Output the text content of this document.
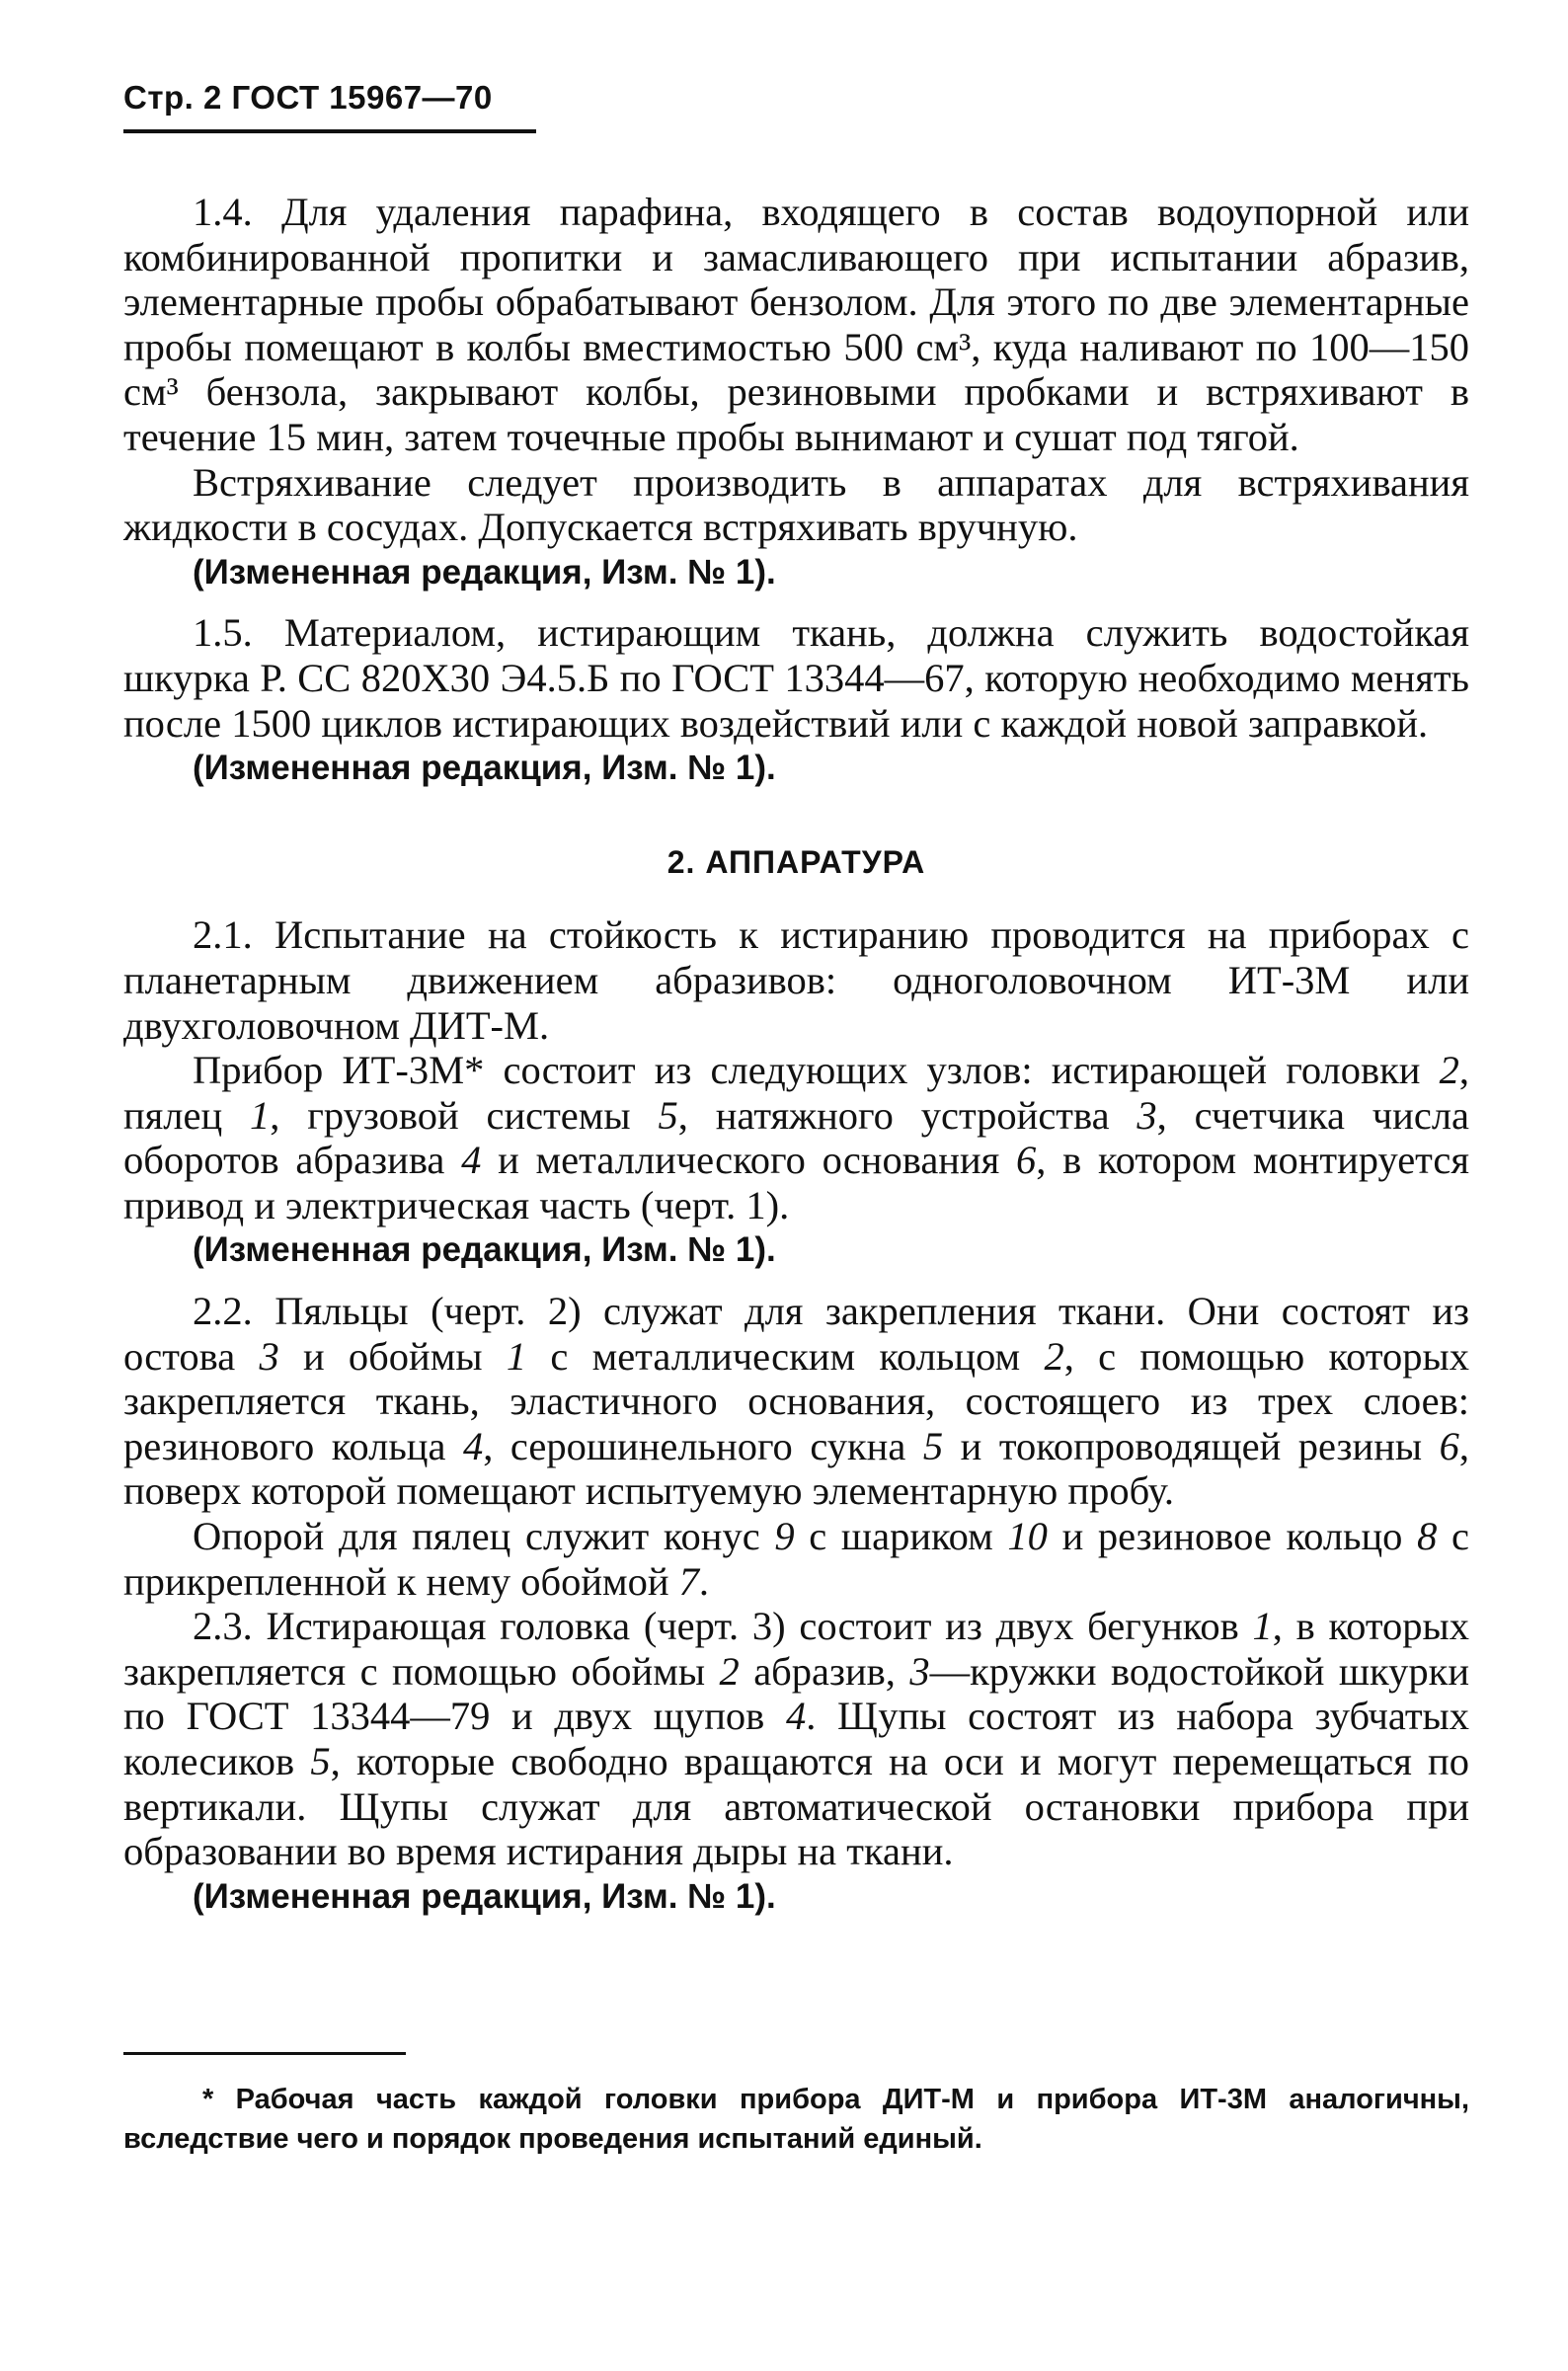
Стр. 2 ГОСТ 15967—70

1.4. Для удаления парафина, входящего в состав водоупорной или комбинированной пропитки и замасливающего при испытании абразив, элементарные пробы обрабатывают бензолом. Для этого по две элементарные пробы помещают в колбы вместимостью 500 см³, куда наливают по 100—150 см³ бензола, закрывают колбы, резиновыми пробками и встряхивают в течение 15 мин, затем точечные пробы вынимают и сушат под тягой.

Встряхивание следует производить в аппаратах для встряхивания жидкости в сосудах. Допускается встряхивать вручную.

(Измененная редакция, Изм. № 1).

1.5. Материалом, истирающим ткань, должна служить водостойкая шкурка Р. СС 820Х30 Э4.5.Б по ГОСТ 13344—67, которую необходимо менять после 1500 циклов истирающих воздействий или с каждой новой заправкой.

(Измененная редакция, Изм. № 1).

2. АППАРАТУРА

2.1. Испытание на стойкость к истиранию проводится на приборах с планетарным движением абразивов: одноголовочном ИТ-3М или двухголовочном ДИТ-М.

Прибор ИТ-3М* состоит из следующих узлов: истирающей головки 2, пялец 1, грузовой системы 5, натяжного устройства 3, счетчика числа оборотов абразива 4 и металлического основания 6, в котором монтируется привод и электрическая часть (черт. 1).

(Измененная редакция, Изм. № 1).

2.2. Пяльцы (черт. 2) служат для закрепления ткани. Они состоят из остова 3 и обоймы 1 с металлическим кольцом 2, с помощью которых закрепляется ткань, эластичного основания, состоящего из трех слоев: резинового кольца 4, серошинельного сукна 5 и токопроводящей резины 6, поверх которой помещают испытуемую элементарную пробу.

Опорой для пялец служит конус 9 с шариком 10 и резиновое кольцо 8 с прикрепленной к нему обоймой 7.

2.3. Истирающая головка (черт. 3) состоит из двух бегунков 1, в которых закрепляется с помощью обоймы 2 абразив, 3—кружки водостойкой шкурки по ГОСТ 13344—79 и двух щупов 4. Щупы состоят из набора зубчатых колесиков 5, которые свободно вращаются на оси и могут перемещаться по вертикали. Щупы служат для автоматической остановки прибора при образовании во время истирания дыры на ткани.

(Измененная редакция, Изм. № 1).

* Рабочая часть каждой головки прибора ДИТ-М и прибора ИТ-3М аналогичны, вследствие чего и порядок проведения испытаний единый.
